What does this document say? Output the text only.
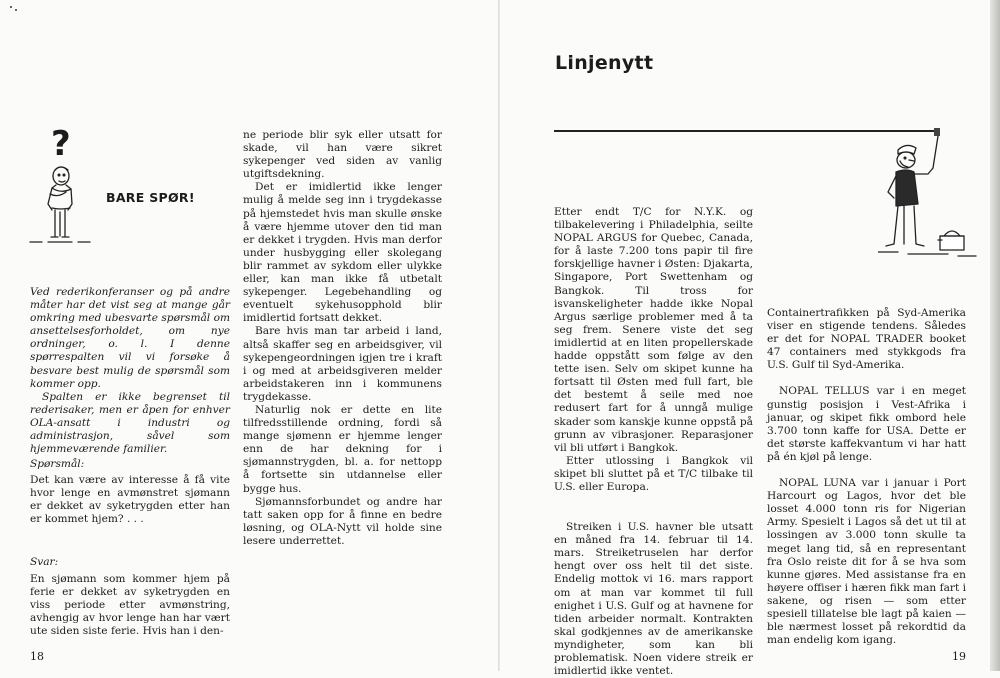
?
BARE SPØR!

Ved rederikonferanser og på andre måter har det vist seg at mange går omkring med ubesvarte spørsmål om ansettelsesforholdet, om nye ordninger, o. l. I denne spørrespalten vil vi forsøke å besvare best mulig de spørsmål som kommer opp.

Spalten er ikke begrenset til rederisaker, men er åpen for enhver OLA-ansatt i industri og administrasjon, såvel som hjemmeværende familier.

Spørsmål:

Det kan være av interesse å få vite hvor lenge en avmønstret sjømann er dekket av syketrygden etter han er kommet hjem? . . .

Svar:

En sjømann som kommer hjem på ferie er dekket av syketrygden en viss periode etter avmønstring, avhengig av hvor lenge han har vært ute siden siste ferie. Hvis han i den-

ne periode blir syk eller utsatt for skade, vil han være sikret sykepenger ved siden av vanlig utgiftsdekning.

Det er imidlertid ikke lenger mulig å melde seg inn i trygdekasse på hjemstedet hvis man skulle ønske å være hjemme utover den tid man er dekket i trygden. Hvis man derfor under husbygging eller skolegang blir rammet av sykdom eller ulykke eller, kan man ikke få utbetalt sykepenger. Legebehandling og eventuelt sykehusopphold blir imidlertid fortsatt dekket.

Bare hvis man tar arbeid i land, altså skaffer seg en arbeidsgiver, vil sykepengeordningen igjen tre i kraft i og med at arbeidsgiveren melder arbeidstakeren inn i kommunens trygdekasse.

Naturlig nok er dette en lite tilfredsstillende ordning, fordi så mange sjømenn er hjemme lenger enn de har dekning for i sjømannstrygden, bl. a. for nettopp å fortsette sin utdannelse eller bygge hus.

Sjømannsforbundet og andre har tatt saken opp for å finne en bedre løsning, og OLA-Nytt vil holde sine lesere underrettet.

18
Linjenytt

Etter endt T/C for N.Y.K. og tilbakelevering i Philadelphia, seilte NOPAL ARGUS for Quebec, Canada, for å laste 7.200 tons papir til fire forskjellige havner i Østen: Djakarta, Singapore, Port Swettenham og Bangkok. Til tross for isvanskeligheter hadde ikke Nopal Argus særlige problemer med å ta seg frem. Senere viste det seg imidlertid at en liten propellerskade hadde oppstått som følge av den tette isen. Selv om skipet kunne ha fortsatt til Østen med full fart, ble det bestemt å seile med noe redusert fart for å unngå mulige skader som kanskje kunne oppstå på grunn av vibrasjoner. Reparasjoner vil bli utført i Bangkok.

Etter utlossing i Bangkok vil skipet bli sluttet på et T/C tilbake til U.S. eller Europa.

Streiken i U.S. havner ble utsatt en måned fra 14. februar til 14. mars. Streiketruselen har derfor hengt over oss helt til det siste. Endelig mottok vi 16. mars rapport om at man var kommet til full enighet i U.S. Gulf og at havnene for tiden arbeider normalt. Kontrakten skal godkjennes av de amerikanske myndigheter, som kan bli problematisk. Noen videre streik er imidlertid ikke ventet.

Containertrafikken på Syd-Amerika viser en stigende tendens. Således er det for NOPAL TRADER booket 47 containers med stykkgods fra U.S. Gulf til Syd-Amerika.

NOPAL TELLUS var i en meget gunstig posisjon i Vest-Afrika i januar, og skipet fikk ombord hele 3.700 tonn kaffe for USA. Dette er det største kaffekvantum vi har hatt på én kjøl på lenge.

NOPAL LUNA var i januar i Port Harcourt og Lagos, hvor det ble losset 4.000 tonn ris for Nigerian Army. Spesielt i Lagos så det ut til at lossingen av 3.000 tonn skulle ta meget lang tid, så en representant fra Oslo reiste dit for å se hva som kunne gjøres. Med assistanse fra en høyere offiser i hæren fikk man fart i sakene, og risen — som etter spesiell tillatelse ble lagt på kaien — ble nærmest losset på rekordtid da man endelig kom igang.

19
